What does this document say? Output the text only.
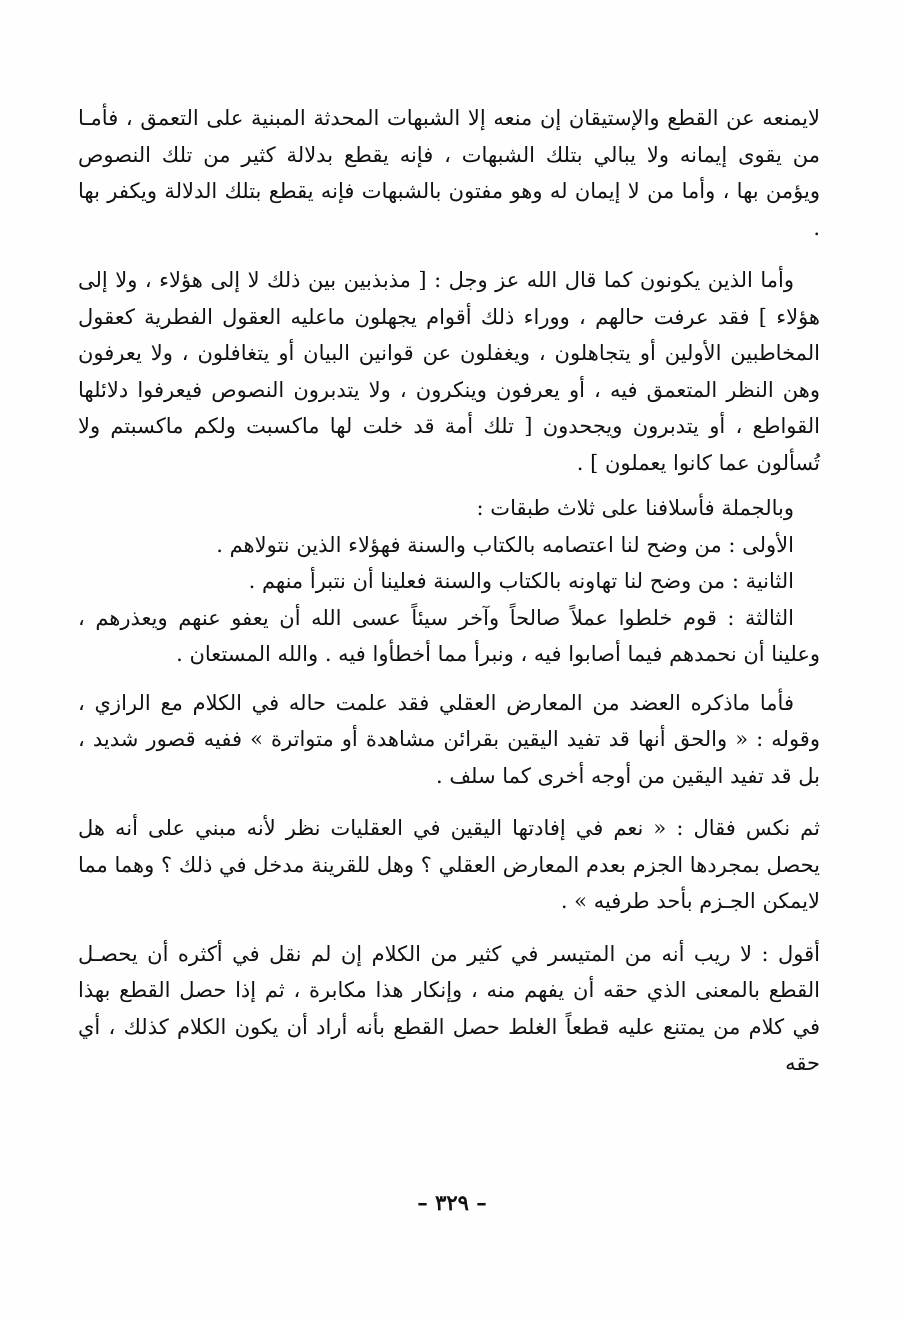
لايمنعه عن القطع والإستيقان إن منعه إلا الشبهات المحدثة المبنية على التعمق ، فأمـا من يقوى إيمانه ولا يبالي بتلك الشبهات ، فإنه يقطع بدلالة كثير من تلك النصوص ويؤمن بها ، وأما من لا إيمان له وهو مفتون بالشبهات فإنه يقطع بتلك الدلالة ويكفر بها .

وأما الذين يكونون كما قال الله عز وجل : [ مذبذبين بين ذلك لا إلى هؤلاء ، ولا إلى هؤلاء ] فقد عرفت حالهم ، ووراء ذلك أقوام يجهلون ماعليه العقول الفطرية كعقول المخاطبين الأولين أو يتجاهلون ، ويغفلون عن قوانين البيان أو يتغافلون ، ولا يعرفون وهن النظر المتعمق فيه ، أو يعرفون وينكرون ، ولا يتدبرون النصوص فيعرفوا دلائلها القواطع ، أو يتدبرون ويجحدون [ تلك أمة قد خلت لها ماكسبت ولكم ماكسبتم ولا تُسألون عما كانوا يعملون ] .

وبالجملة فأسلافنا على ثلاث طبقات :

الأولى : من وضح لنا اعتصامه بالكتاب والسنة فهؤلاء الذين نتولاهم .

الثانية : من وضح لنا تهاونه بالكتاب والسنة فعلينا أن نتبرأ منهم .

الثالثة : قوم خلطوا عملاً صالحاً وآخر سيئاً عسى الله أن يعفو عنهم ويعذرهم ، وعلينا أن نحمدهم فيما أصابوا فيه ، ونبرأ مما أخطأوا فيه . والله المستعان .

فأما ماذكره العضد من المعارض العقلي فقد علمت حاله في الكلام مع الرازي ، وقوله : « والحق أنها قد تفيد اليقين بقرائن مشاهدة أو متواترة » ففيه قصور شديد ، بل قد تفيد اليقين من أوجه أخرى كما سلف .

ثم نكس فقال : « نعم في إفادتها اليقين في العقليات نظر لأنه مبني على أنه هل يحصل بمجردها الجزم بعدم المعارض العقلي ؟ وهل للقرينة مدخل في ذلك ؟ وهما مما لايمكن الجـزم بأحد طرفيه » .

أقول : لا ريب أنه من المتيسر في كثير من الكلام إن لم نقل في أكثره أن يحصـل القطع بالمعنى الذي حقه أن يفهم منه ، وإنكار هذا مكابرة ، ثم إذا حصل القطع بهذا في كلام من يمتنع عليه قطعاً الغلط حصل القطع بأنه أراد أن يكون الكلام كذلك ، أي حقه

– ٣٢٩ –
